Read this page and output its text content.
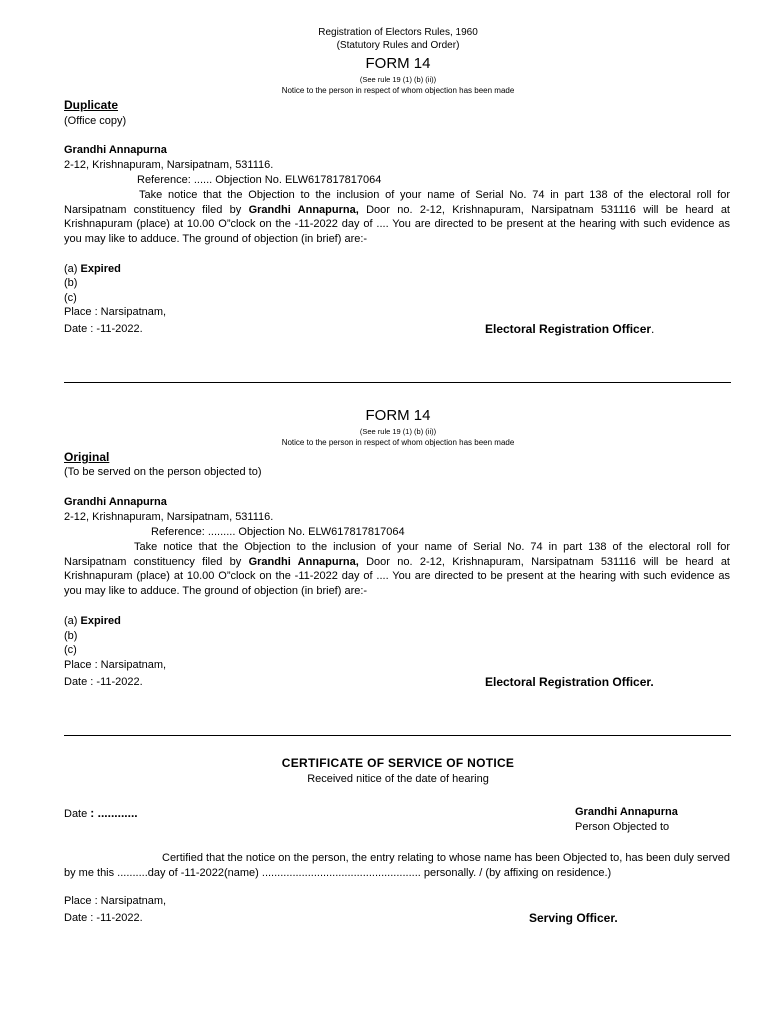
Registration of Electors Rules, 1960
(Statutory Rules and Order)
FORM 14
(See rule 19 (1) (b) (ii))
Notice to the person in respect of whom objection has been made
Duplicate
(Office copy)
Grandhi Annapurna
2-12, Krishnapuram, Narsipatnam, 531116.
Reference: ...... Objection No. ELW617817817064
Take notice that the Objection to the inclusion of your name of Serial No. 74 in part 138 of the electoral roll for Narsipatnam constituency filed by Grandhi Annapurna, Door no. 2-12, Krishnapuram, Narsipatnam 531116 will be heard at Krishnapuram (place) at 10.00 O”clock on the -11-2022 day of .... You are directed to be present at the hearing with such evidence as you may like to adduce. The ground of objection (in brief) are:-
(a) Expired
(b)
(c)
Place : Narsipatnam,
Date : -11-2022.	Electoral Registration Officer.
FORM 14
(See rule 19 (1) (b) (ii))
Notice to the person in respect of whom objection has been made
Original
(To be served on the person objected to)
Grandhi Annapurna
2-12, Krishnapuram, Narsipatnam, 531116.
Reference: ......... Objection No. ELW617817817064
Take notice that the Objection to the inclusion of your name of Serial No. 74 in part 138 of the electoral roll for Narsipatnam constituency filed by Grandhi Annapurna, Door no. 2-12, Krishnapuram, Narsipatnam 531116 will be heard at Krishnapuram (place) at 10.00 O”clock on the -11-2022 day of .... You are directed to be present at the hearing with such evidence as you may like to adduce. The ground of objection (in brief) are:-
(a) Expired
(b)
(c)
Place : Narsipatnam,
Date : -11-2022.	Electoral Registration Officer.
CERTIFICATE OF SERVICE OF NOTICE
Received nitice of the date of hearing
Date : ............	Grandhi Annapurna
Person Objected to
Certified that the notice on the person, the entry relating to whose name has been Objected to, has been duly served by me this ..........day of -11-2022(name) .................................................... personally. / (by affixing on residence.)
Place : Narsipatnam,
Date : -11-2022.	Serving Officer.
